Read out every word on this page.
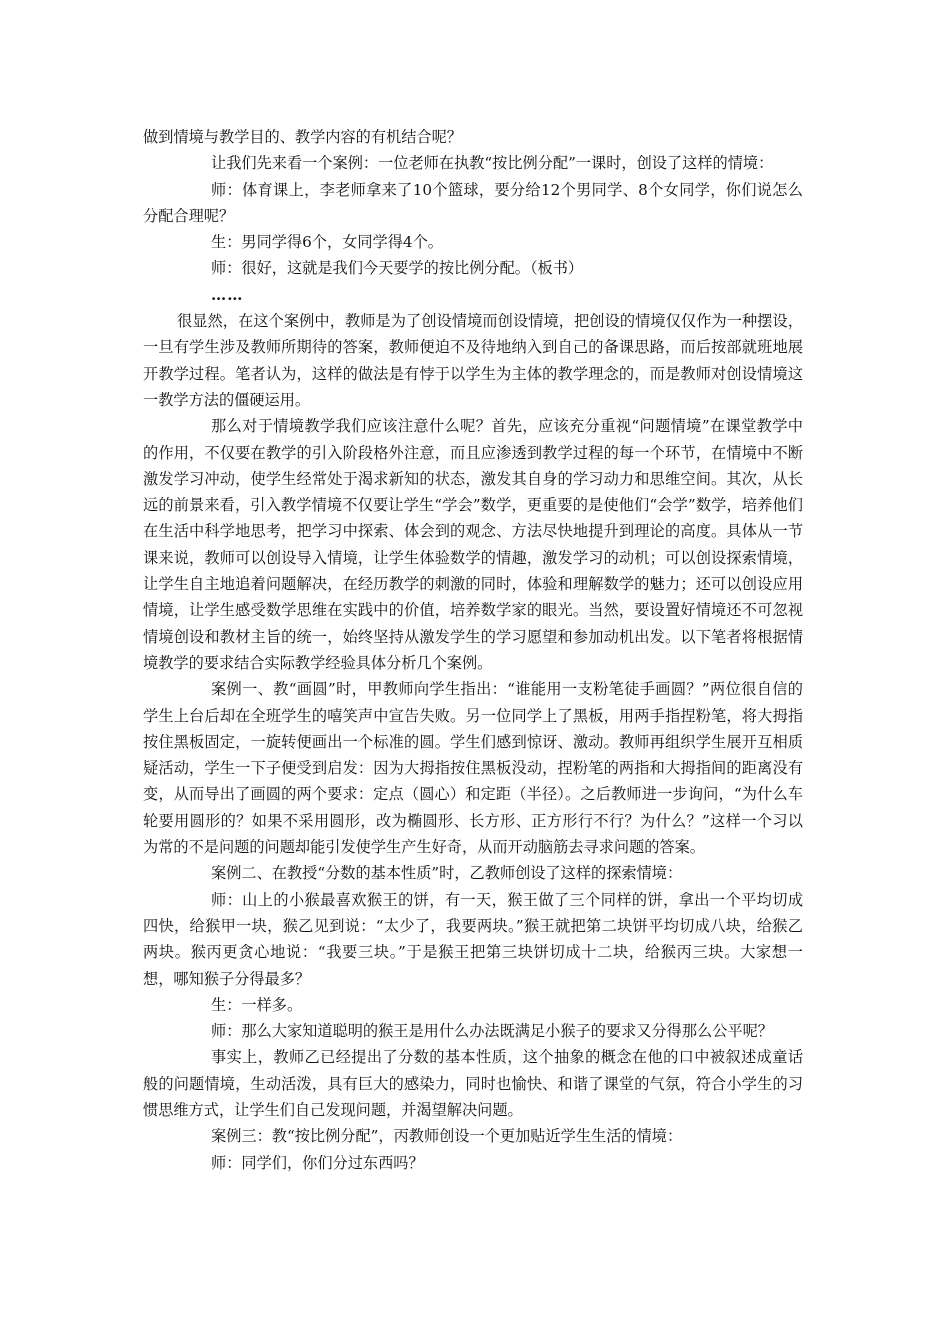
做到情境与教学目的、教学内容的有机结合呢？

让我们先来看一个案例：一位老师在执教“按比例分配”一课时，创设了这样的情境：

师：体育课上，李老师拿来了10个篮球，要分给12个男同学、8个女同学，你们说怎么分配合理呢？

生：男同学得6个，女同学得4个。

师：很好，这就是我们今天要学的按比例分配。（板书）

……

很显然，在这个案例中，教师是为了创设情境而创设情境，把创设的情境仅仅作为一种摆设，一旦有学生涉及教师所期待的答案，教师便迫不及待地纳入到自己的备课思路，而后按部就班地展开教学过程。笔者认为，这样的做法是有悖于以学生为主体的教学理念的，而是教师对创设情境这一教学方法的僵硬运用。

那么对于情境教学我们应该注意什么呢？首先，应该充分重视“问题情境”在课堂教学中的作用，不仅要在教学的引入阶段格外注意，而且应渗透到教学过程的每一个环节，在情境中不断激发学习冲动，使学生经常处于渴求新知的状态，激发其自身的学习动力和思维空间。其次，从长远的前景来看，引入教学情境不仅要让学生“学会”数学，更重要的是使他们“会学”数学，培养他们在生活中科学地思考，把学习中探索、体会到的观念、方法尽快地提升到理论的高度。具体从一节课来说，教师可以创设导入情境，让学生体验数学的情趣，激发学习的动机；可以创设探索情境，让学生自主地追着问题解决，在经历教学的刺激的同时，体验和理解数学的魅力；还可以创设应用情境，让学生感受数学思维在实践中的价值，培养数学家的眼光。当然，要设置好情境还不可忽视情境创设和教材主旨的统一，始终坚持从激发学生的学习愿望和参加动机出发。以下笔者将根据情境教学的要求结合实际教学经验具体分析几个案例。

案例一、教“画圆”时，甲教师向学生指出：“谁能用一支粉笔徒手画圆？”两位很自信的学生上台后却在全班学生的嘻笑声中宣告失败。另一位同学上了黑板，用两手指捏粉笔，将大拇指按住黑板固定，一旋转便画出一个标准的圆。学生们感到惊讶、激动。教师再组织学生展开互相质疑活动，学生一下子便受到启发：因为大拇指按住黑板没动，捏粉笔的两指和大拇指间的距离没有变，从而导出了画圆的两个要求：定点（圆心）和定距（半径）。之后教师进一步询问，“为什么车轮要用圆形的？如果不采用圆形，改为椭圆形、长方形、正方形行不行？为什么？”这样一个习以为常的不是问题的问题却能引发使学生产生好奇，从而开动脑筋去寻求问题的答案。

案例二、在教授“分数的基本性质”时，乙教师创设了这样的探索情境：

师：山上的小猴最喜欢猴王的饼，有一天，猴王做了三个同样的饼，拿出一个平均切成四快，给猴甲一块，猴乙见到说：“太少了，我要两块。”猴王就把第二块饼平均切成八块，给猴乙两块。猴丙更贪心地说：“我要三块。”于是猴王把第三块饼切成十二块，给猴丙三块。大家想一想，哪知猴子分得最多？

生：一样多。

师：那么大家知道聪明的猴王是用什么办法既满足小猴子的要求又分得那么公平呢？

事实上，教师乙已经提出了分数的基本性质，这个抽象的概念在他的口中被叙述成童话般的问题情境，生动活泼，具有巨大的感染力，同时也愉快、和谐了课堂的气氛，符合小学生的习惯思维方式，让学生们自己发现问题，并渴望解决问题。

案例三：教“按比例分配”，丙教师创设一个更加贴近学生生活的情境：

师：同学们，你们分过东西吗？
